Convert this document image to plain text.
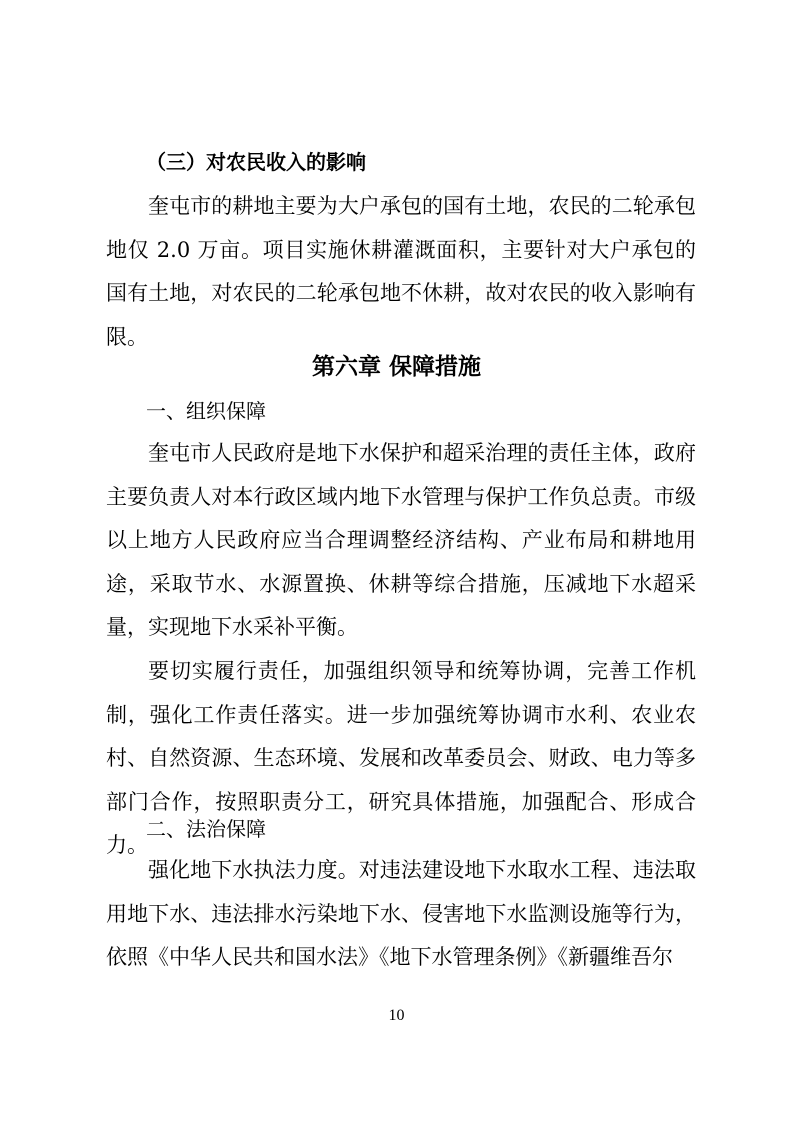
（三）对农民收入的影响

奎屯市的耕地主要为大户承包的国有土地，农民的二轮承包地仅 2.0 万亩。项目实施休耕灌溉面积，主要针对大户承包的国有土地，对农民的二轮承包地不休耕，故对农民的收入影响有限。

第六章 保障措施
一、组织保障

奎屯市人民政府是地下水保护和超采治理的责任主体，政府主要负责人对本行政区域内地下水管理与保护工作负总责。市级以上地方人民政府应当合理调整经济结构、产业布局和耕地用途，采取节水、水源置换、休耕等综合措施，压减地下水超采量，实现地下水采补平衡。

要切实履行责任，加强组织领导和统筹协调，完善工作机制，强化工作责任落实。进一步加强统筹协调市水利、农业农村、自然资源、生态环境、发展和改革委员会、财政、电力等多部门合作，按照职责分工，研究具体措施，加强配合、形成合力。

二、法治保障

强化地下水执法力度。对违法建设地下水取水工程、违法取用地下水、违法排水污染地下水、侵害地下水监测设施等行为，依照《中华人民共和国水法》《地下水管理条例》《新疆维吾尔

10
